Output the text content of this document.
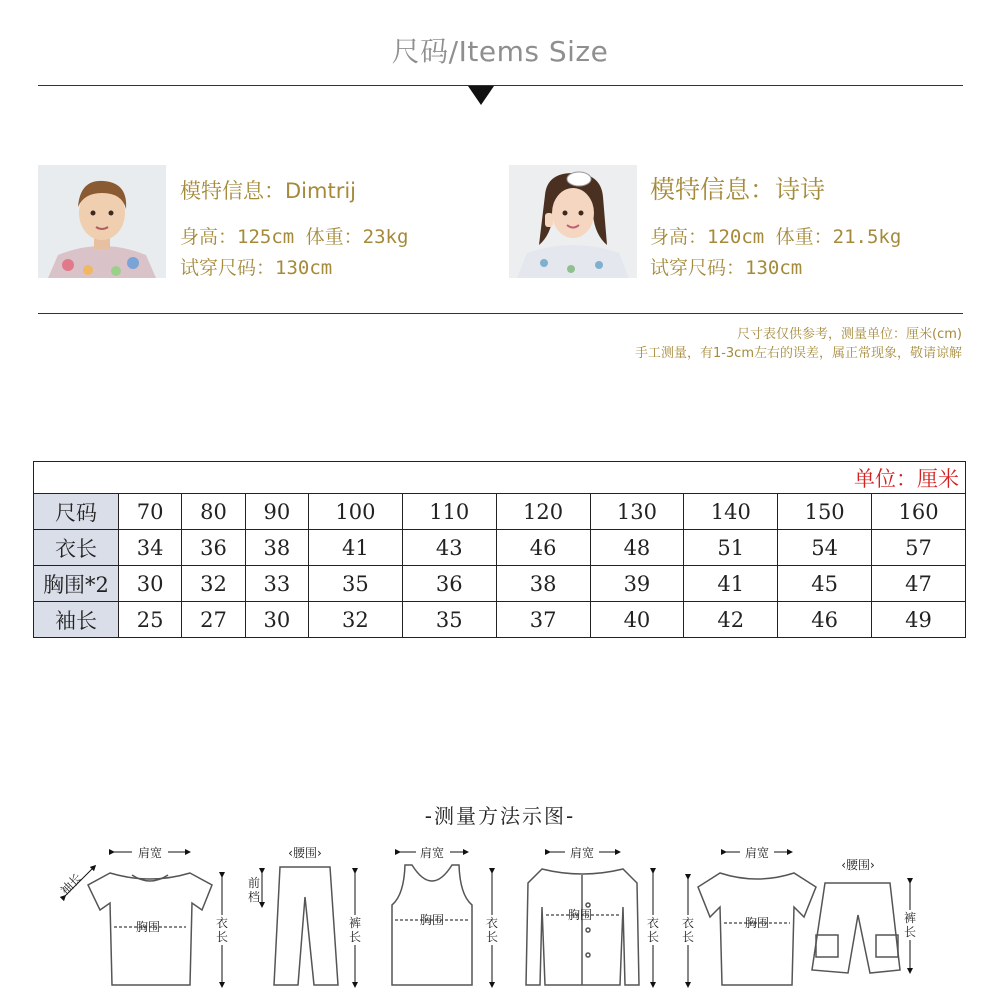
尺码/Items Size
模特信息：Dimtrij
身高：125cm 体重：23kg
试穿尺码：130cm
模特信息：诗诗
身高：120cm 体重：21.5kg
试穿尺码：130cm
尺寸表仅供参考，测量单位：厘米(cm)
手工测量，有1-3cm左右的误差，属正常现象，敬请谅解
单位：厘米										
尺码	70	80	90	100	110	120	130	140	150	160
衣长	34	36	38	41	43	46	48	51	54	57
胸围*2	30	32	33	35	36	38	39	41	45	47
袖长	25	27	30	32	35	37	40	42	46	49
-测量方法示图-
肩宽
袖长
胸围	衣长
‹腰围›
前档
裤长
肩宽
胸围	衣长
肩宽
胸围
衣长
肩宽
胸围
衣长
‹腰围›
裤长
